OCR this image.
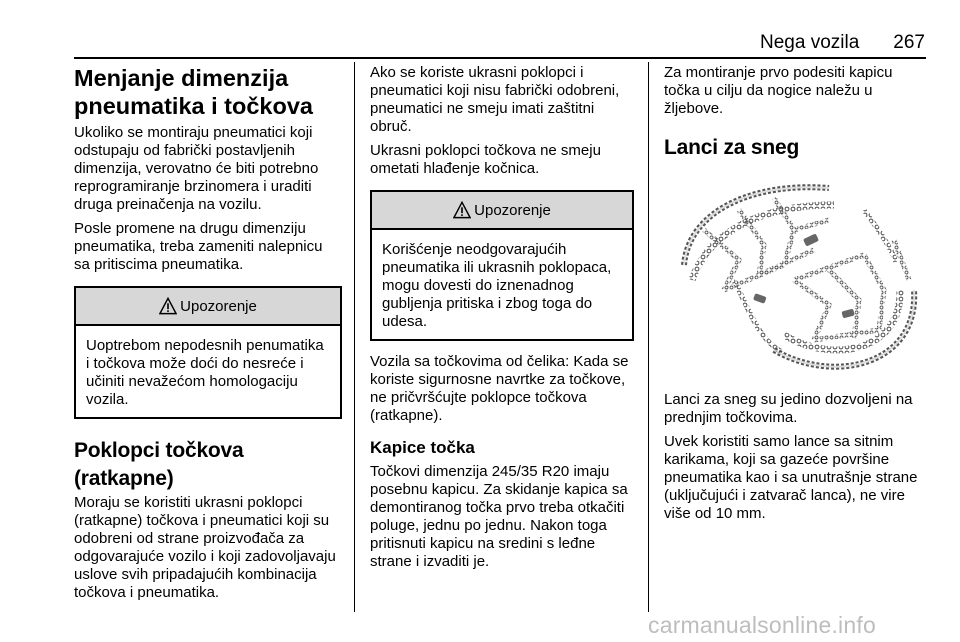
Nega vozila 267
Menjanje dimenzija pneumatika i točkova

Ukoliko se montiraju pneumatici koji odstupaju od fabrički postavljenih dimenzija, verovatno će biti potrebno reprogramiranje brzinomera i uraditi druga preinačenja na vozilu.

Posle promene na drugu dimenziju pneumatika, treba zameniti nalepnicu sa pritiscima pneumatika.

Upozorenje

Uoptrebom nepodesnih penumatika i točkova može doći do nesreće i učiniti nevažećom homologaciju vozila.

Poklopci točkova (ratkapne)

Moraju se koristiti ukrasni poklopci (ratkapne) točkova i pneumatici koji su odobreni od strane proizvođača za odgovarajuće vozilo i koji zadovoljavaju uslove svih pripadajućih kombinacija točkova i pneumatika.

Ako se koriste ukrasni poklopci i pneumatici koji nisu fabrički odobreni, pneumatici ne smeju imati zaštitni obruč.

Ukrasni poklopci točkova ne smeju ometati hlađenje kočnica.

Upozorenje

Korišćenje neodgovarajućih pneumatika ili ukrasnih poklopaca, mogu dovesti do iznenadnog gubljenja pritiska i zbog toga do udesa.

Vozila sa točkovima od čelika: Kada se koriste sigurnosne navrtke za točkove, ne pričvršćujte poklopce točkova (ratkapne).

Kapice točka

Točkovi dimenzija 245/35 R20 imaju posebnu kapicu. Za skidanje kapica sa demontiranog točka prvo treba otkačiti poluge, jednu po jednu. Nakon toga pritisnuti kapicu na sredini s leđne strane i izvaditi je.

Za montiranje prvo podesiti kapicu točka u cilju da nogice naležu u žljebove.

Lanci za sneg

Lanci za sneg su jedino dozvoljeni na prednjim točkovima.

Uvek koristiti samo lance sa sitnim karikama, koji sa gazeće površine pneumatika kao i sa unutrašnje strane (uključujući i zatvarač lanca), ne vire više od 10 mm.

carmanualsonline.info
